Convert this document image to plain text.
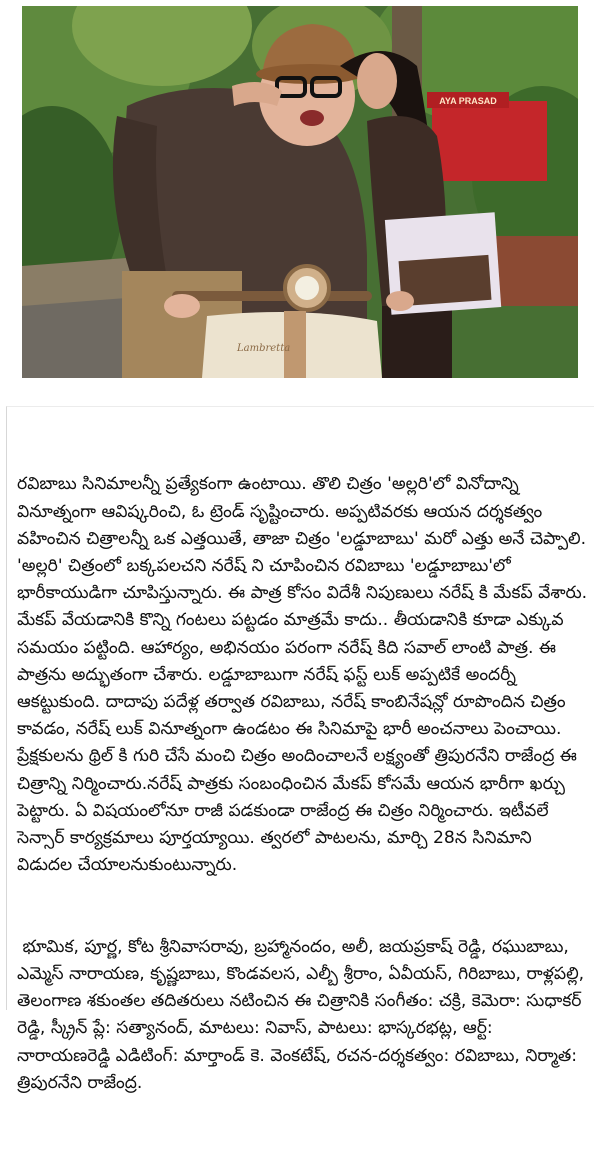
AYA PRASAD
Lambretta

రవిబాబు సినిమాలన్నీ ప్రత్యేకంగా ఉంటాయి. తొలి చిత్రం 'అల్లరి'లో వినోదాన్ని వినూత్నంగా ఆవిష్కరించి, ఓ ట్రెండ్ సృష్టించారు. అప్పటివరకు ఆయన దర్శకత్వం వహించిన చిత్రాలన్నీ ఒక ఎత్తయితే, తాజా చిత్రం 'లడ్డూబాబు' మరో ఎత్తు అనే చెప్పాలి. 'అల్లరి' చిత్రంలో బక్కపలచని నరేష్ ని చూపించిన రవిబాబు 'లడ్డూబాబు'లో భారీకాయుడిగా చూపిస్తున్నారు. ఈ పాత్ర కోసం విదేశీ నిపుణులు నరేష్ కి మేకప్ వేశారు. మేకప్ వేయడానికి కొన్ని గంటలు పట్టడం మాత్రమే కాదు.. తీయడానికి కూడా ఎక్కువ సమయం పట్టింది. ఆహార్యం, అభినయం పరంగా నరేష్ కిది సవాల్ లాంటి పాత్ర. ఈ పాత్రను అద్భుతంగా చేశారు. లడ్డూబాబుగా నరేష్ ఫస్ట్ లుక్ అప్పటికే అందర్నీ ఆకట్టుకుంది. దాదాపు పదేళ్ల తర్వాత రవిబాబు, నరేష్ కాంబినేషన్లో రూపొందిన చిత్రం కావడం, నరేష్ లుక్ వినూత్నంగా ఉండటం ఈ సినిమాపై భారీ అంచనాలు పెంచాయి. ప్రేక్షకులను థ్రిల్ కి గురి చేసే మంచి చిత్రం అందించాలనే లక్ష్యంతో త్రిపురనేని రాజేంద్ర ఈ చిత్రాన్ని నిర్మించారు.నరేష్ పాత్రకు సంబంధించిన మేకప్ కోసమే ఆయన భారీగా ఖర్చు పెట్టారు. ఏ విషయంలోనూ రాజీ పడకుండా రాజేంద్ర ఈ చిత్రం నిర్మించారు. ఇటీవలే సెన్సార్ కార్యక్రమాలు పూర్తయ్యాయి. త్వరలో పాటలను, మార్చి 28న సినిమాని విడుదల చేయాలనుకుంటున్నారు.

భూమిక, పూర్ణ, కోట శ్రీనివాసరావు, బ్రహ్మానందం, అలీ, జయప్రకాష్ రెడ్డి, రఘుబాబు, ఎమ్మెస్ నారాయణ, కృష్ణబాబు, కొండవలస, ఎల్బీ శ్రీరాం, ఏవీయస్, గిరిబాబు, రాళ్లపల్లి, తెలంగాణ శకుంతల తదితరులు నటించిన ఈ చిత్రానికి సంగీతం: చక్రి, కెమెరా: సుధాకర్ రెడ్డి, స్క్రీన్ ప్లే: సత్యానంద్, మాటలు: నివాస్, పాటలు: భాస్కరభట్ల, ఆర్ట్: నారాయణరెడ్డి ఎడిటింగ్: మార్తాండ్ కె. వెంకటేష్, రచన-దర్శకత్వం: రవిబాబు, నిర్మాత: త్రిపురనేని రాజేంద్ర.
